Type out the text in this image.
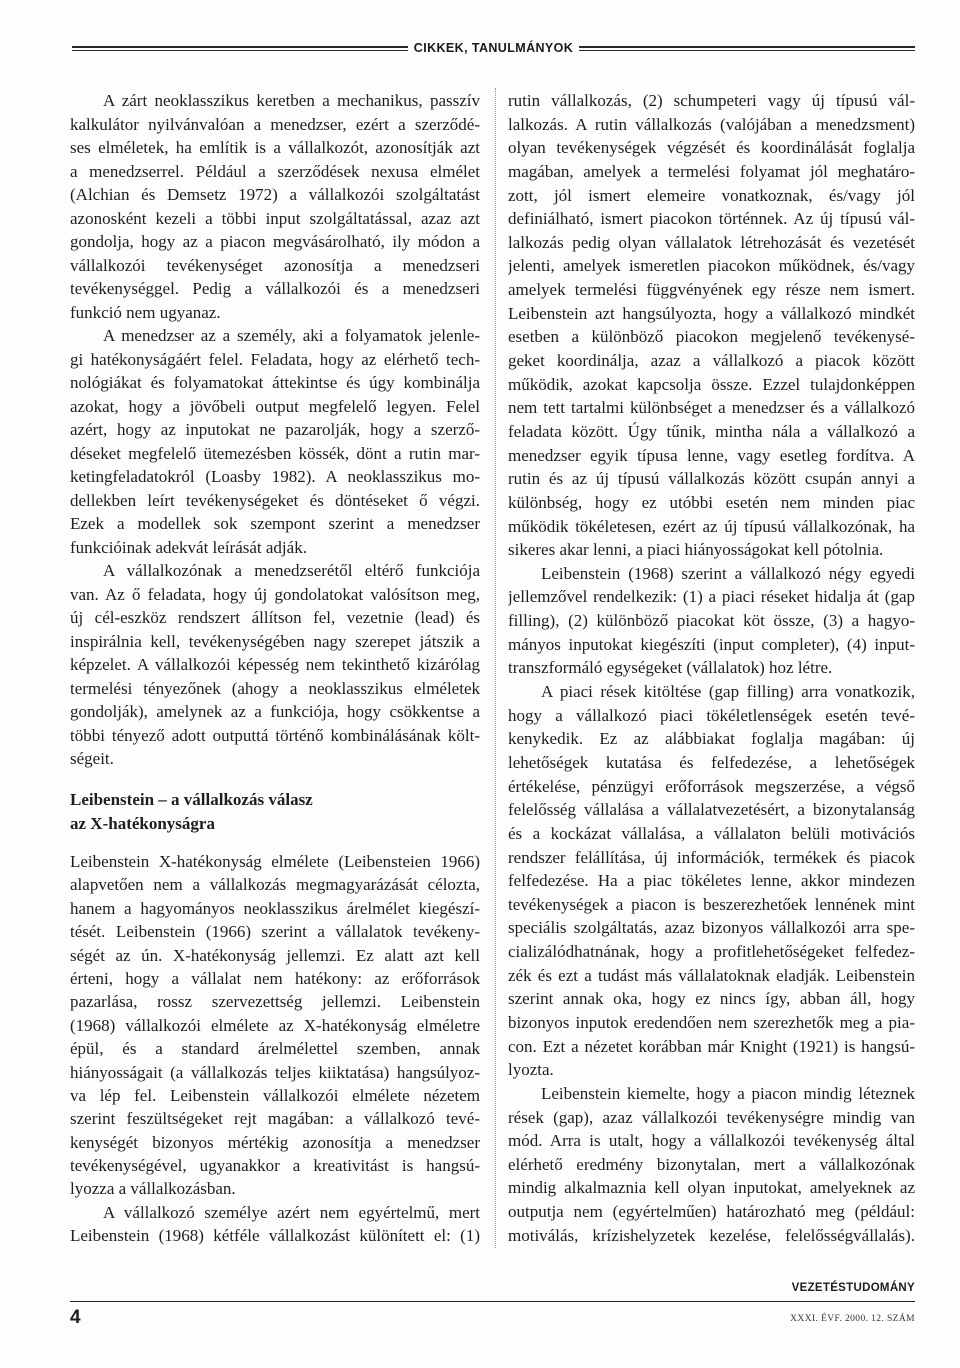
CIKKEK, TANULMÁNYOK
A zárt neoklasszikus keretben a mechanikus, passzív
kalkulátor nyilvánvalóan a menedzser, ezért a szerződé-
ses elméletek, ha említik is a vállalkozót, azonosítják azt
a menedzserrel. Például a szerződések nexusa elmélet
(Alchian és Demsetz 1972) a vállalkozói szolgáltatást
azonosként kezeli a többi input szolgáltatással, azaz azt
gondolja, hogy az a piacon megvásárolható, ily módon a
vállalkozói tevékenységet azonosítja a menedzseri
tevékenységgel. Pedig a vállalkozói és a menedzseri
funkció nem ugyanaz.
A menedzser az a személy, aki a folyamatok jelenle-
gi hatékonyságáért felel. Feladata, hogy az elérhető tech-
nológiákat és folyamatokat áttekintse és úgy kombinálja
azokat, hogy a jövőbeli output megfelelő legyen. Felel
azért, hogy az inputokat ne pazarolják, hogy a szerző-
déseket megfelelő ütemezésben kössék, dönt a rutin mar-
ketingfeladatokról (Loasby 1982). A neoklasszikus mo-
dellekben leírt tevékenységeket és döntéseket ő végzi.
Ezek a modellek sok szempont szerint a menedzser
funkcióinak adekvát leírását adják.
A vállalkozónak a menedzserétől eltérő funkciója
van. Az ő feladata, hogy új gondolatokat valósítson meg,
új cél-eszköz rendszert állítson fel, vezetnie (lead) és
inspirálnia kell, tevékenységében nagy szerepet játszik a
képzelet. A vállalkozói képesség nem tekinthető kizárólag
termelési tényezőnek (ahogy a neoklasszikus elméletek
gondolják), amelynek az a funkciója, hogy csökkentse a
többi tényező adott outputtá történő kombinálásának költ-
ségeit.
Leibenstein – a vállalkozás válasz
az X-hatékonyságra
Leibenstein X-hatékonyság elmélete (Leibensteien 1966)
alapvetően nem a vállalkozás megmagyarázását célozta,
hanem a hagyományos neoklasszikus árelmélet kiegészí-
tését. Leibenstein (1966) szerint a vállalatok tevékeny-
ségét az ún. X-hatékonyság jellemzi. Ez alatt azt kell
érteni, hogy a vállalat nem hatékony: az erőforrások
pazarlása, rossz szervezettség jellemzi. Leibenstein
(1968) vállalkozói elmélete az X-hatékonyság elméletre
épül, és a standard árelmélettel szemben, annak
hiányosságait (a vállalkozás teljes kiiktatása) hangsúlyoz-
va lép fel. Leibenstein vállalkozói elmélete nézetem
szerint feszültségeket rejt magában: a vállalkozó tevé-
kenységét bizonyos mértékig azonosítja a menedzser
tevékenységével, ugyanakkor a kreativitást is hangsú-
lyozza a vállalkozásban.
A vállalkozó személye azért nem egyértelmű, mert
Leibenstein (1968) kétféle vállalkozást különített el: (1)
rutin vállalkozás, (2) schumpeteri vagy új típusú vál-
lalkozás. A rutin vállalkozás (valójában a menedzsment)
olyan tevékenységek végzését és koordinálását foglalja
magában, amelyek a termelési folyamat jól meghatáro-
zott, jól ismert elemeire vonatkoznak, és/vagy jól
definiálható, ismert piacokon történnek. Az új típusú vál-
lalkozás pedig olyan vállalatok létrehozását és vezetését
jelenti, amelyek ismeretlen piacokon működnek, és/vagy
amelyek termelési függvényének egy része nem ismert.
Leibenstein azt hangsúlyozta, hogy a vállalkozó mindkét
esetben a különböző piacokon megjelenő tevékenysé-
geket koordinálja, azaz a vállalkozó a piacok között
működik, azokat kapcsolja össze. Ezzel tulajdonképpen
nem tett tartalmi különbséget a menedzser és a vállalkozó
feladata között. Úgy tűnik, mintha nála a vállalkozó a
menedzser egyik típusa lenne, vagy esetleg fordítva. A
rutin és az új típusú vállalkozás között csupán annyi a
különbség, hogy ez utóbbi esetén nem minden piac
működik tökéletesen, ezért az új típusú vállalkozónak, ha
sikeres akar lenni, a piaci hiányosságokat kell pótolnia.
Leibenstein (1968) szerint a vállalkozó négy egyedi
jellemzővel rendelkezik: (1) a piaci réseket hidalja át (gap
filling), (2) különböző piacokat köt össze, (3) a hagyo-
mányos inputokat kiegészíti (input completer), (4) input-
transzformáló egységeket (vállalatok) hoz létre.
A piaci rések kitöltése (gap filling) arra vonatkozik,
hogy a vállalkozó piaci tökéletlenségek esetén tevé-
kenykedik. Ez az alábbiakat foglalja magában: új
lehetőségek kutatása és felfedezése, a lehetőségek
értékelése, pénzügyi erőforrások megszerzése, a végső
felelősség vállalása a vállalatvezetésért, a bizonytalanság
és a kockázat vállalása, a vállalaton belüli motivációs
rendszer felállítása, új információk, termékek és piacok
felfedezése. Ha a piac tökéletes lenne, akkor mindezen
tevékenységek a piacon is beszerezhetőek lennének mint
speciális szolgáltatás, azaz bizonyos vállalkozói arra spe-
cializálódhatnának, hogy a profitlehetőségeket felfedez-
zék és ezt a tudást más vállalatoknak eladják. Leibenstein
szerint annak oka, hogy ez nincs így, abban áll, hogy
bizonyos inputok eredendően nem szerezhetők meg a pia-
con. Ezt a nézetet korábban már Knight (1921) is hangsú-
lyozta.
Leibenstein kiemelte, hogy a piacon mindig léteznek
rések (gap), azaz vállalkozói tevékenységre mindig van
mód. Arra is utalt, hogy a vállalkozói tevékenység által
elérhető eredmény bizonytalan, mert a vállalkozónak
mindig alkalmaznia kell olyan inputokat, amelyeknek az
outputja nem (egyértelműen) határozható meg (például:
motiválás, krízishelyzetek kezelése, felelősségvállalás).
VEZETÉSTUDOMÁNY
4	XXXI. ÉVF. 2000. 12. SZÁM
